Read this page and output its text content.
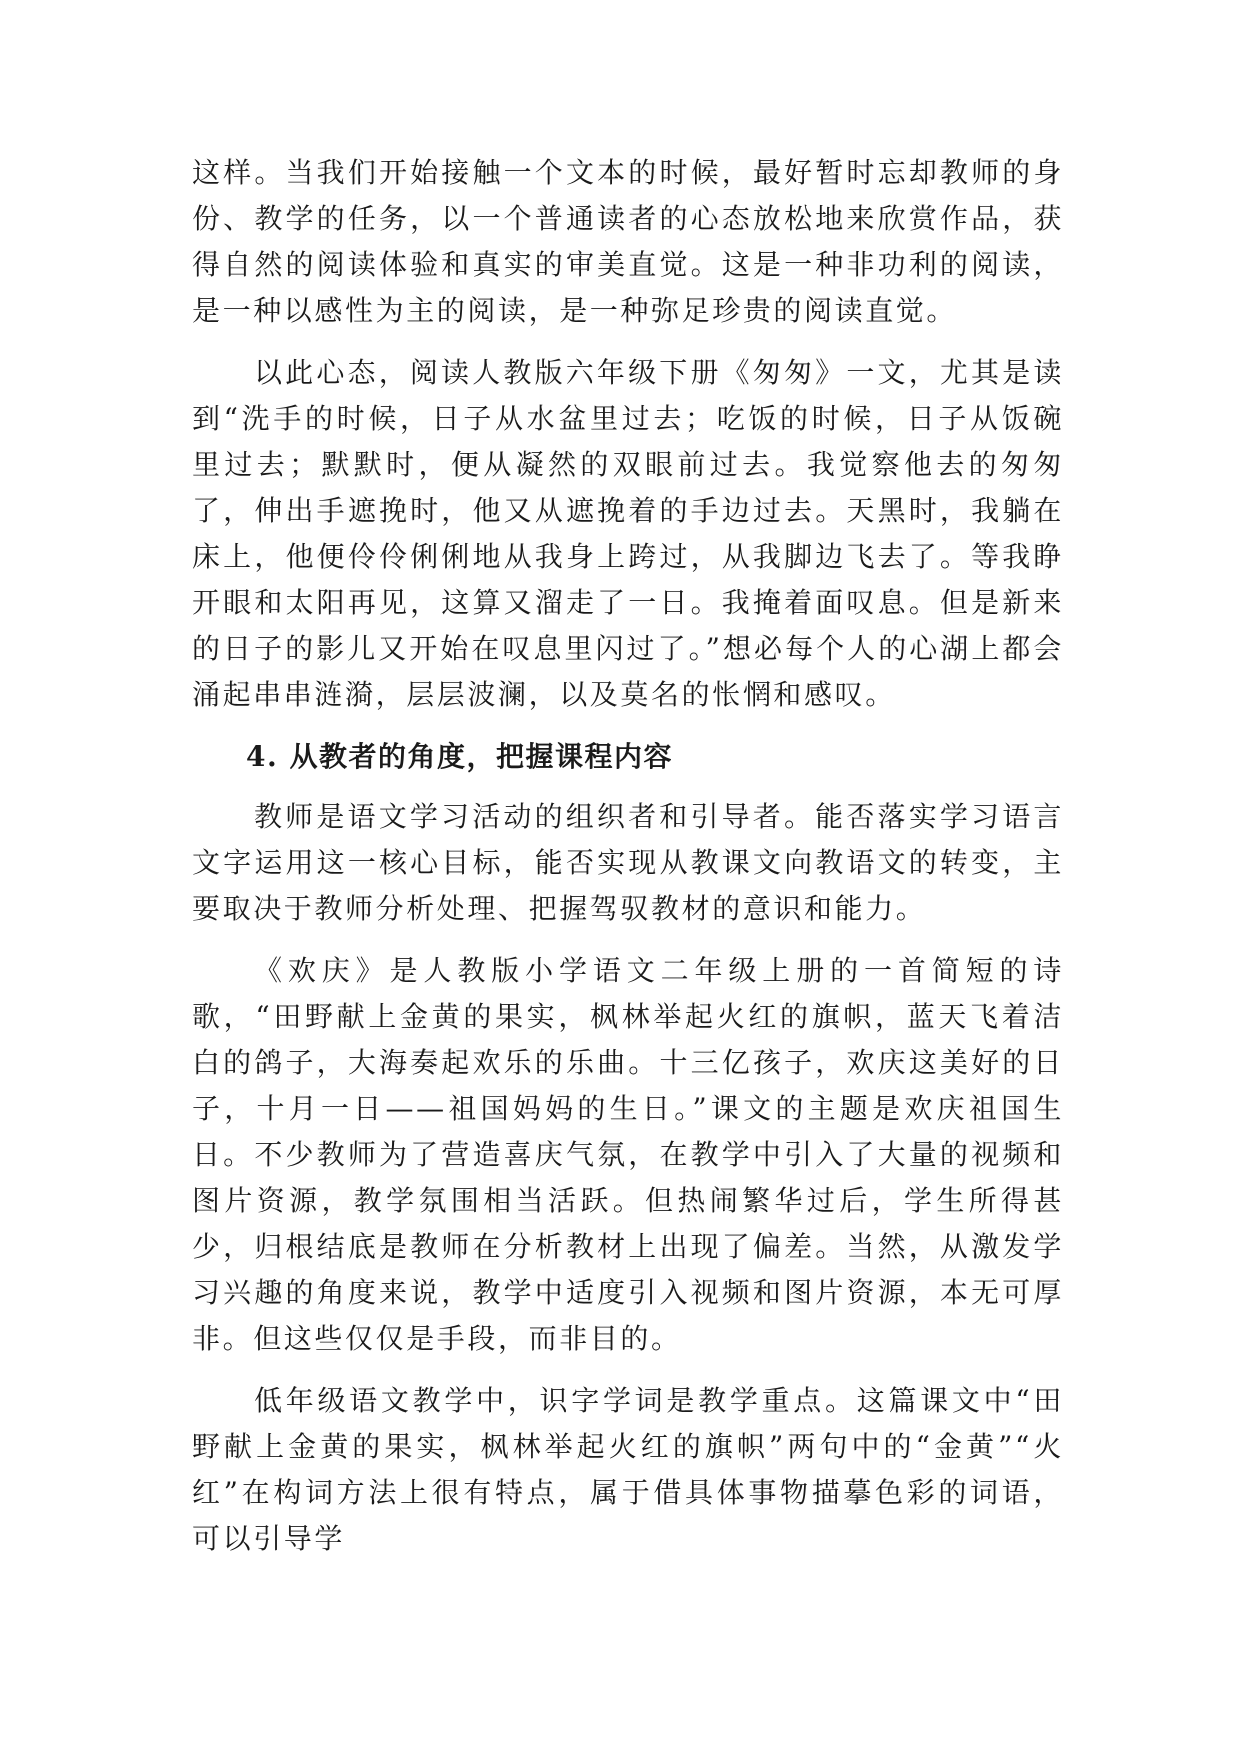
这样。当我们开始接触一个文本的时候，最好暂时忘却教师的身份、教学的任务，以一个普通读者的心态放松地来欣赏作品，获得自然的阅读体验和真实的审美直觉。这是一种非功利的阅读，是一种以感性为主的阅读，是一种弥足珍贵的阅读直觉。

以此心态，阅读人教版六年级下册《匆匆》一文，尤其是读到“洗手的时候，日子从水盆里过去；吃饭的时候，日子从饭碗里过去；默默时，便从凝然的双眼前过去。我觉察他去的匆匆了，伸出手遮挽时，他又从遮挽着的手边过去。天黑时，我躺在床上，他便伶伶俐俐地从我身上跨过，从我脚边飞去了。等我睁开眼和太阳再见，这算又溜走了一日。我掩着面叹息。但是新来的日子的影儿又开始在叹息里闪过了。”想必每个人的心湖上都会涌起串串涟漪，层层波澜，以及莫名的怅惘和感叹。

4. 从教者的角度，把握课程内容

教师是语文学习活动的组织者和引导者。能否落实学习语言文字运用这一核心目标，能否实现从教课文向教语文的转变，主要取决于教师分析处理、把握驾驭教材的意识和能力。

《欢庆》是人教版小学语文二年级上册的一首简短的诗歌，“田野献上金黄的果实，枫林举起火红的旗帜，蓝天飞着洁白的鸽子，大海奏起欢乐的乐曲。十三亿孩子，欢庆这美好的日子，十月一日——祖国妈妈的生日。”课文的主题是欢庆祖国生日。不少教师为了营造喜庆气氛，在教学中引入了大量的视频和图片资源，教学氛围相当活跃。但热闹繁华过后，学生所得甚少，归根结底是教师在分析教材上出现了偏差。当然，从激发学习兴趣的角度来说，教学中适度引入视频和图片资源，本无可厚非。但这些仅仅是手段，而非目的。

低年级语文教学中，识字学词是教学重点。这篇课文中“田野献上金黄的果实，枫林举起火红的旗帜”两句中的“金黄”“火红”在构词方法上很有特点，属于借具体事物描摹色彩的词语，可以引导学
